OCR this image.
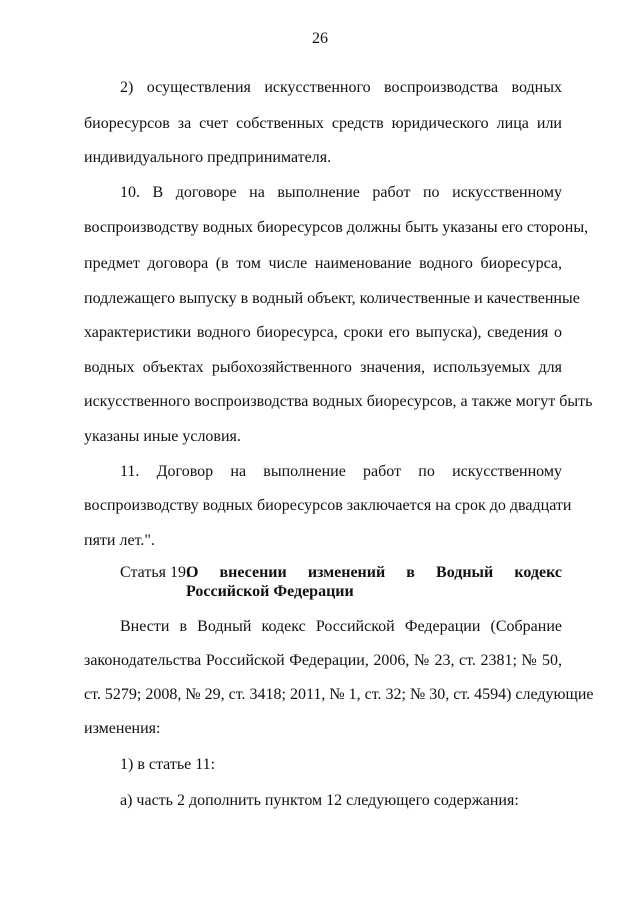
26
2) осуществления искусственного воспроизводства водных
биоресурсов за счет собственных средств юридического лица или
индивидуального предпринимателя.
10. В договоре на выполнение работ по искусственному
воспроизводству водных биоресурсов должны быть указаны его стороны,
предмет договора (в том числе наименование водного биоресурса,
подлежащего выпуску в водный объект, количественные и качественные
характеристики водного биоресурса, сроки его выпуска), сведения о
водных объектах рыбохозяйственного значения, используемых для
искусственного воспроизводства водных биоресурсов, а также могут быть
указаны иные условия.
11. Договор на выполнение работ по искусственному
воспроизводству водных биоресурсов заключается на срок до двадцати
пяти лет.".
Статья 19.
О внесении изменений в Водный кодекс Российской Федерации
Внести в Водный кодекс Российской Федерации (Собрание
законодательства Российской Федерации, 2006, № 23, ст. 2381; № 50,
ст. 5279; 2008, № 29, ст. 3418; 2011, № 1, ст. 32; № 30, ст. 4594) следующие
изменения:
1) в статье 11:
а) часть 2 дополнить пунктом 12 следующего содержания:
